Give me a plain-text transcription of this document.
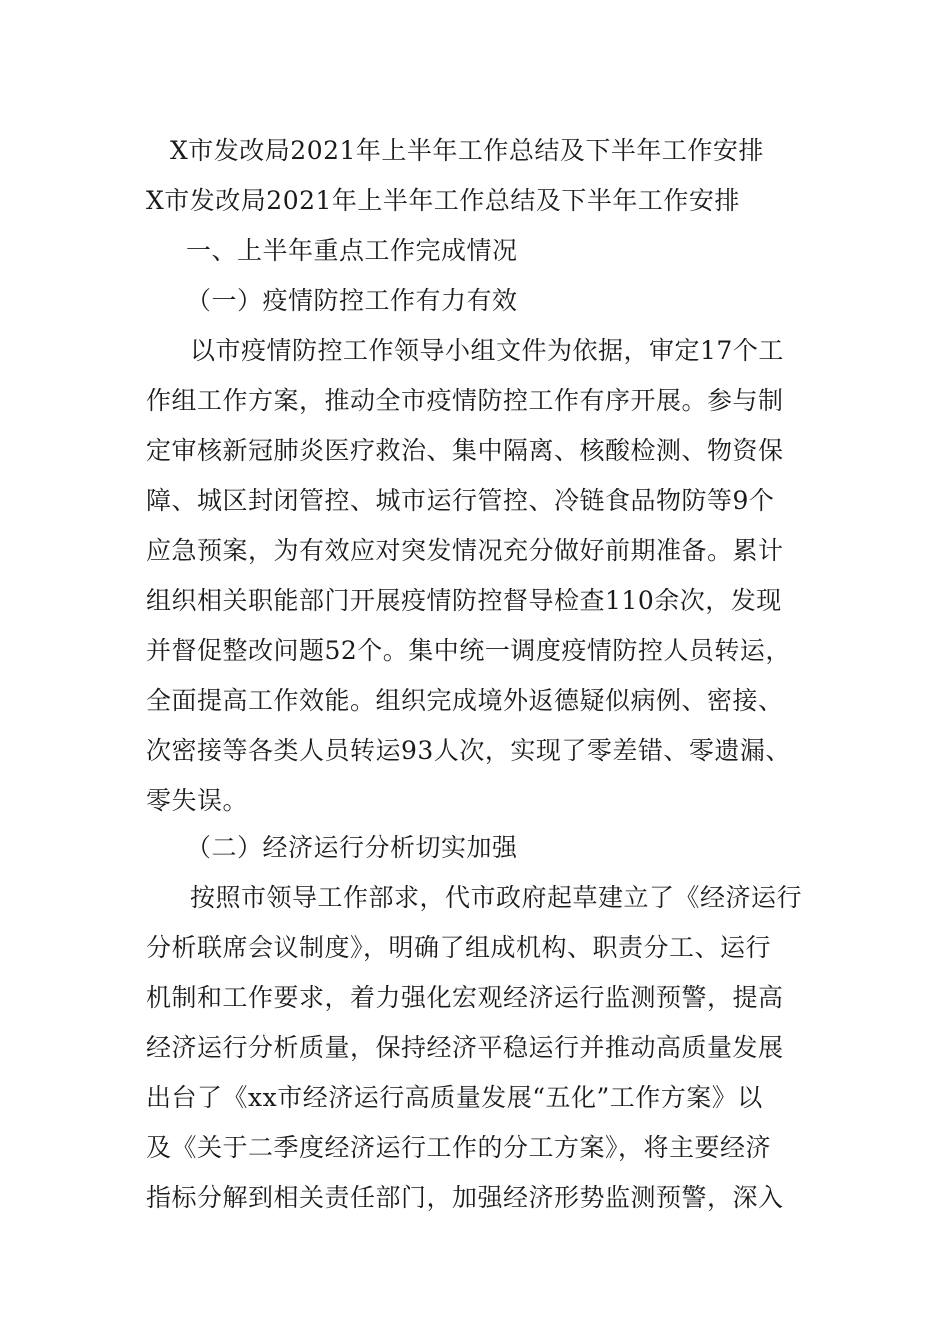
X市发改局2021年上半年工作总结及下半年工作安排
X市发改局2021年上半年工作总结及下半年工作安排
一、上半年重点工作完成情况
（一）疫情防控工作有力有效
以市疫情防控工作领导小组文件为依据，审定17个工
作组工作方案，推动全市疫情防控工作有序开展。参与制
定审核新冠肺炎医疗救治、集中隔离、核酸检测、物资保
障、城区封闭管控、城市运行管控、冷链食品物防等9个
应急预案，为有效应对突发情况充分做好前期准备。累计
组织相关职能部门开展疫情防控督导检查110余次，发现
并督促整改问题52个。集中统一调度疫情防控人员转运，
全面提高工作效能。组织完成境外返德疑似病例、密接、
次密接等各类人员转运93人次，实现了零差错、零遗漏、
零失误。
（二）经济运行分析切实加强
按照市领导工作部求，代市政府起草建立了《经济运行
分析联席会议制度》，明确了组成机构、职责分工、运行
机制和工作要求，着力强化宏观经济运行监测预警，提高
经济运行分析质量，保持经济平稳运行并推动高质量发展
出台了《xx市经济运行高质量发展“五化”工作方案》以
及《关于二季度经济运行工作的分工方案》，将主要经济
指标分解到相关责任部门，加强经济形势监测预警，深入
